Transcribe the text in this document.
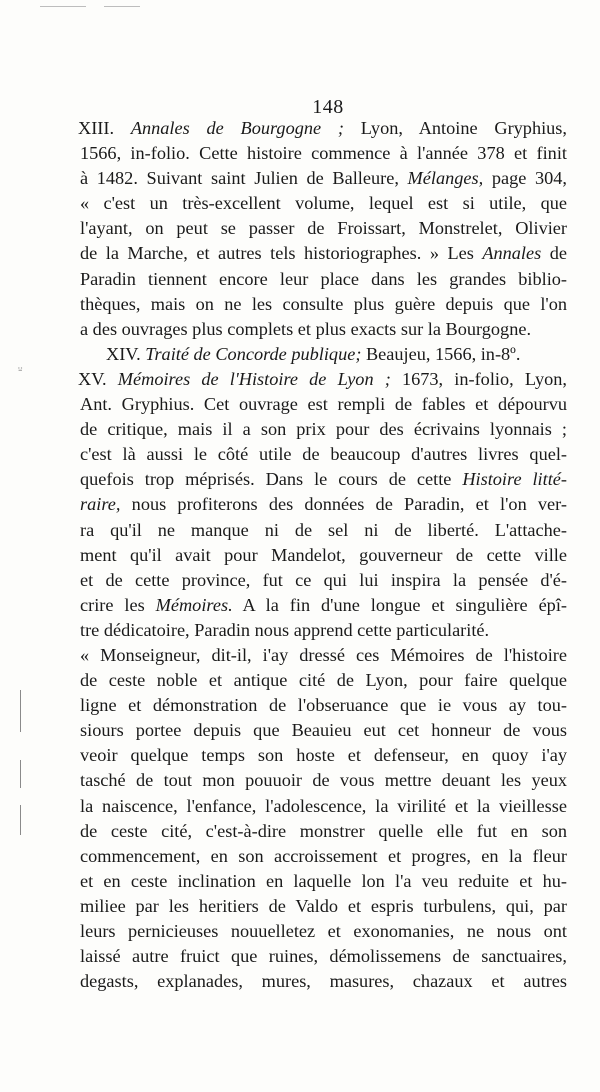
⸚
148
XIII. Annales de Bourgogne ; Lyon, Antoine Gryphius,
1566, in-folio. Cette histoire commence à l'année 378 et finit
à 1482. Suivant saint Julien de Balleure, Mélanges, page 304,
« c'est un très-excellent volume, lequel est si utile, que
l'ayant, on peut se passer de Froissart, Monstrelet, Olivier
de la Marche, et autres tels historiographes. » Les Annales de
Paradin tiennent encore leur place dans les grandes biblio-
thèques, mais on ne les consulte plus guère depuis que l'on
a des ouvrages plus complets et plus exacts sur la Bourgogne.
XIV. Traité de Concorde publique; Beaujeu, 1566, in-8º.
XV. Mémoires de l'Histoire de Lyon ; 1673, in-folio, Lyon,
Ant. Gryphius. Cet ouvrage est rempli de fables et dépourvu
de critique, mais il a son prix pour des écrivains lyonnais ;
c'est là aussi le côté utile de beaucoup d'autres livres quel-
quefois trop méprisés. Dans le cours de cette Histoire litté-
raire, nous profiterons des données de Paradin, et l'on ver-
ra qu'il ne manque ni de sel ni de liberté. L'attache-
ment qu'il avait pour Mandelot, gouverneur de cette ville
et de cette province, fut ce qui lui inspira la pensée d'é-
crire les Mémoires. A la fin d'une longue et singulière épî-
tre dédicatoire, Paradin nous apprend cette particularité.
« Monseigneur, dit-il, i'ay dressé ces Mémoires de l'histoire
de ceste noble et antique cité de Lyon, pour faire quelque
ligne et démonstration de l'obseruance que ie vous ay tou-
siours portee depuis que Beauieu eut cet honneur de vous
veoir quelque temps son hoste et defenseur, en quoy i'ay
tasché de tout mon pouuoir de vous mettre deuant les yeux
la naiscence, l'enfance, l'adolescence, la virilité et la vieillesse
de ceste cité, c'est-à-dire monstrer quelle elle fut en son
commencement, en son accroissement et progres, en la fleur
et en ceste inclination en laquelle lon l'a veu reduite et hu-
miliee par les heritiers de Valdo et espris turbulens, qui, par
leurs pernicieuses nouuelletez et exonomanies, ne nous ont
laissé autre fruict que ruines, démolissemens de sanctuaires,
degasts, explanades, mures, masures, chazaux et autres
